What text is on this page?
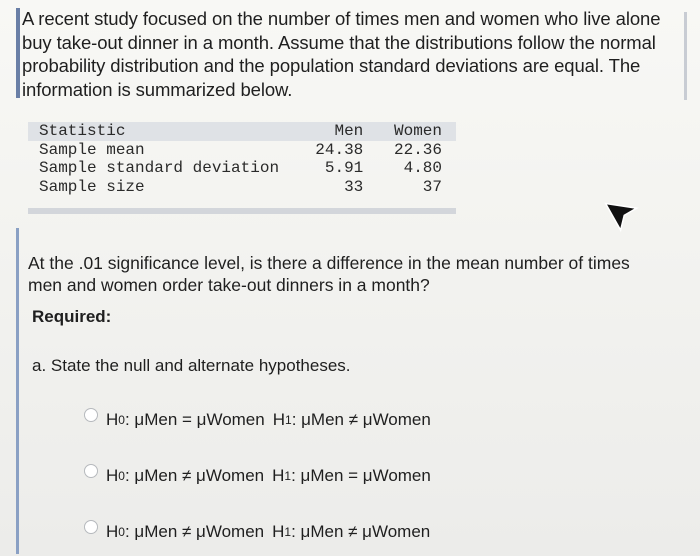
A recent study focused on the number of times men and women who live alone buy take-out dinner in a month. Assume that the distributions follow the normal probability distribution and the population standard deviations are equal. The information is summarized below.

Statistic	Men	Women
Sample mean	24.38	22.36
Sample standard deviation	5.91	4.80
Sample size	33	37

At the .01 significance level, is there a difference in the mean number of times men and women order take-out dinners in a month?

Required:

a. State the null and alternate hypotheses.

H 0 : μMen = μWomen H 1 : μMen ≠ μWomen
H 0 : μMen ≠ μWomen H 1 : μMen = μWomen
H 0 : μMen ≠ μWomen H 1 : μMen ≠ μWomen
